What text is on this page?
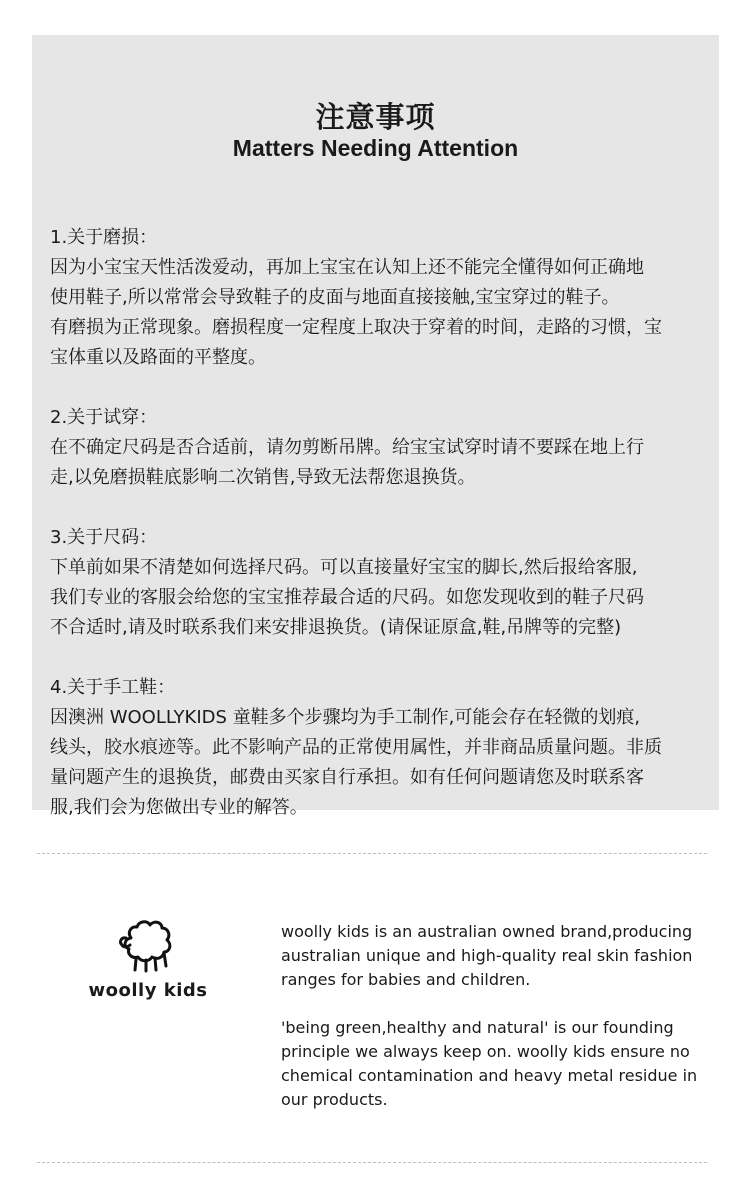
注意事项
Matters Needing Attention

1.关于磨损：

因为小宝宝天性活泼爱动，再加上宝宝在认知上还不能完全懂得如何正确地
使用鞋子,所以常常会导致鞋子的皮面与地面直接接触,宝宝穿过的鞋子。
有磨损为正常现象。磨损程度一定程度上取决于穿着的时间，走路的习惯，宝
宝体重以及路面的平整度。

2.关于试穿：

在不确定尺码是否合适前，请勿剪断吊牌。给宝宝试穿时请不要踩在地上行
走,以免磨损鞋底影响二次销售,导致无法帮您退换货。

3.关于尺码：

下单前如果不清楚如何选择尺码。可以直接量好宝宝的脚长,然后报给客服,
我们专业的客服会给您的宝宝推荐最合适的尺码。如您发现收到的鞋子尺码
不合适时,请及时联系我们来安排退换货。(请保证原盒,鞋,吊牌等的完整)

4.关于手工鞋：

因澳洲 WOOLLYKIDS 童鞋多个步骤均为手工制作,可能会存在轻微的划痕,
线头，胶水痕迹等。此不影响产品的正常使用属性，并非商品质量问题。非质
量问题产生的退换货，邮费由买家自行承担。如有任何问题请您及时联系客
服,我们会为您做出专业的解答。

woolly kids

woolly kids is an australian owned brand,producing
australian unique and high-quality real skin fashion
ranges for babies and children.

'being green,healthy and natural' is our founding
principle we always keep on. woolly kids ensure no
chemical contamination and heavy metal residue in
our products.
